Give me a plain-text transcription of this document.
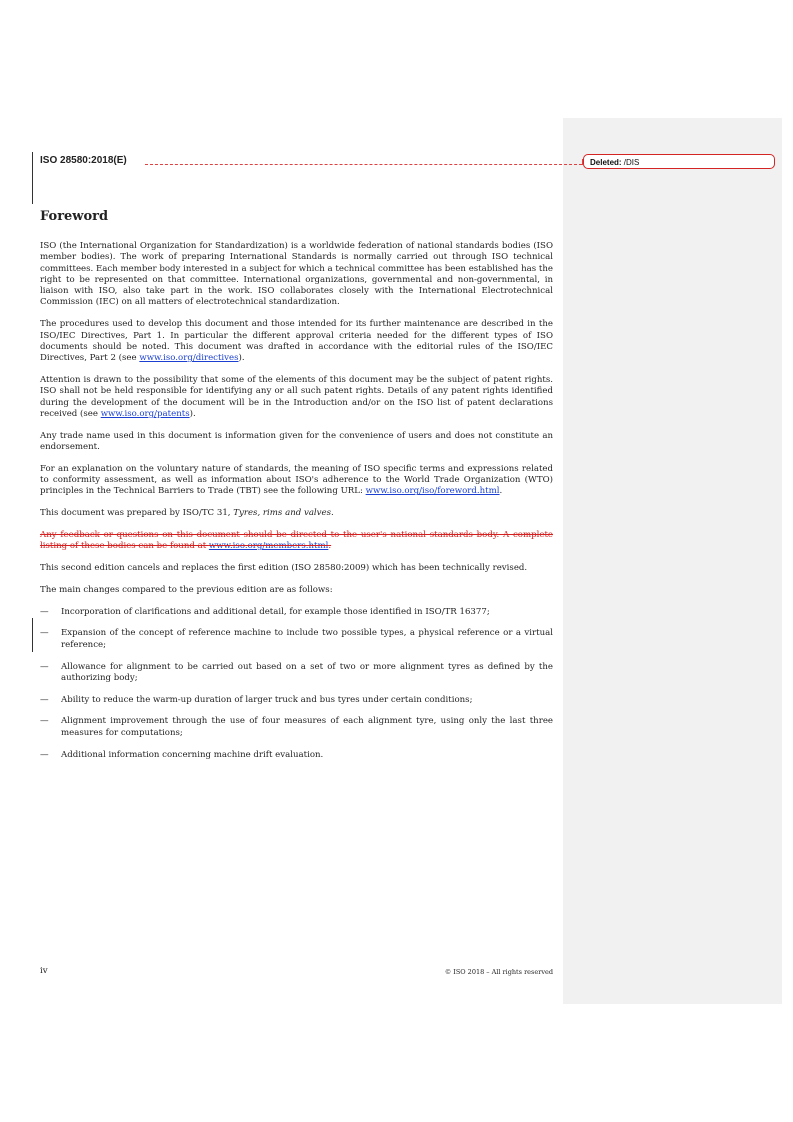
ISO 28580:2018(E)	Deleted: /DIS
Foreword

ISO (the International Organization for Standardization) is a worldwide federation of national standards bodies (ISO member bodies). The work of preparing International Standards is normally carried out through ISO technical committees. Each member body interested in a subject for which a technical committee has been established has the right to be represented on that committee. International organizations, governmental and non-governmental, in liaison with ISO, also take part in the work. ISO collaborates closely with the International Electrotechnical Commission (IEC) on all matters of electrotechnical standardization.

The procedures used to develop this document and those intended for its further maintenance are described in the ISO/IEC Directives, Part 1. In particular the different approval criteria needed for the different types of ISO documents should be noted. This document was drafted in accordance with the editorial rules of the ISO/IEC Directives, Part 2 (see www.iso.org/directives).

Attention is drawn to the possibility that some of the elements of this document may be the subject of patent rights. ISO shall not be held responsible for identifying any or all such patent rights. Details of any patent rights identified during the development of the document will be in the Introduction and/or on the ISO list of patent declarations received (see www.iso.org/patents).

Any trade name used in this document is information given for the convenience of users and does not constitute an endorsement.

For an explanation on the voluntary nature of standards, the meaning of ISO specific terms and expressions related to conformity assessment, as well as information about ISO's adherence to the World Trade Organization (WTO) principles in the Technical Barriers to Trade (TBT) see the following URL: www.iso.org/iso/foreword.html.

This document was prepared by ISO/TC 31, Tyres, rims and valves.

Any feedback or questions on this document should be directed to the user's national standards body. A complete listing of these bodies can be found at www.iso.org/members.html.

This second edition cancels and replaces the first edition (ISO 28580:2009) which has been technically revised.

The main changes compared to the previous edition are as follows:

— Incorporation of clarifications and additional detail, for example those identified in ISO/TR 16377;
— Expansion of the concept of reference machine to include two possible types, a physical reference or a virtual reference;
— Allowance for alignment to be carried out based on a set of two or more alignment tyres as defined by the authorizing body;
— Ability to reduce the warm-up duration of larger truck and bus tyres under certain conditions;
— Alignment improvement through the use of four measures of each alignment tyre, using only the last three measures for computations;
— Additional information concerning machine drift evaluation.
iv	© ISO 2018 – All rights reserved
